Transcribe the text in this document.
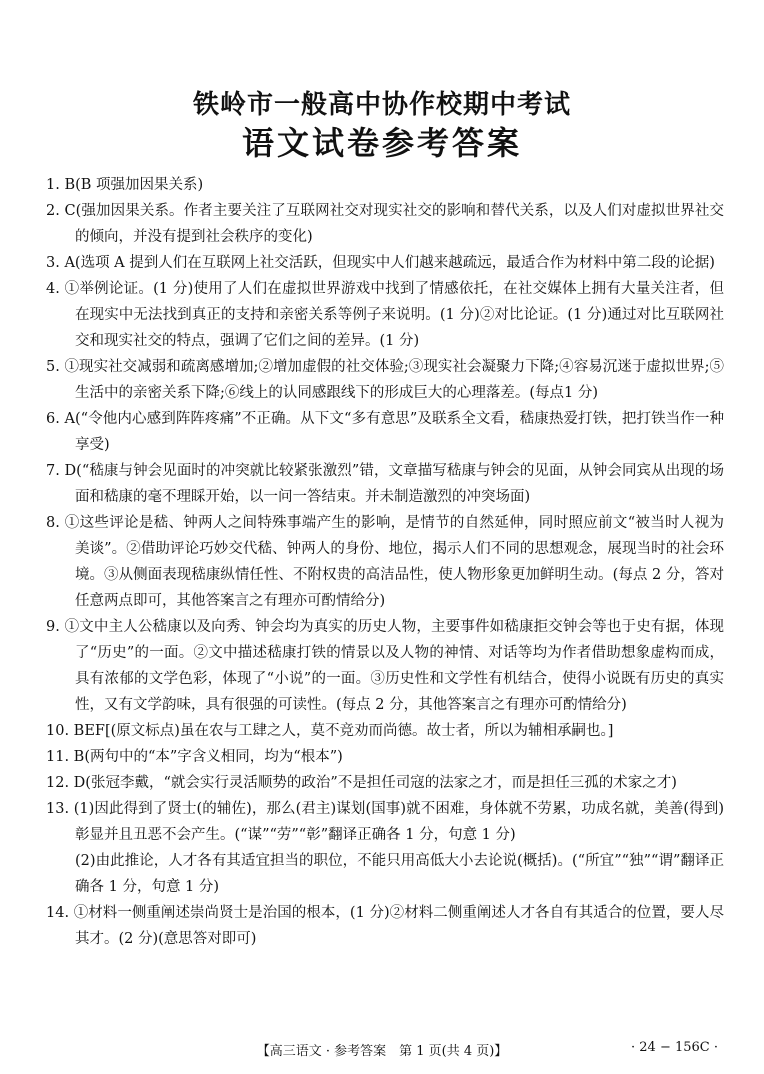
铁岭市一般高中协作校期中考试
语文试卷参考答案
1. B(B 项强加因果关系)
2. C(强加因果关系。作者主要关注了互联网社交对现实社交的影响和替代关系，以及人们对虚拟世界社交的倾向，并没有提到社会秩序的变化)
3. A(选项 A 提到人们在互联网上社交活跃，但现实中人们越来越疏远，最适合作为材料中第二段的论据)
4. ①举例论证。(1 分)使用了人们在虚拟世界游戏中找到了情感依托，在社交媒体上拥有大量关注者，但在现实中无法找到真正的支持和亲密关系等例子来说明。(1 分)②对比论证。(1 分)通过对比互联网社交和现实社交的特点，强调了它们之间的差异。(1 分)
5. ①现实社交减弱和疏离感增加;②增加虚假的社交体验;③现实社会凝聚力下降;④容易沉迷于虚拟世界;⑤生活中的亲密关系下降;⑥线上的认同感跟线下的形成巨大的心理落差。(每点1 分)
6. A(“令他内心感到阵阵疼痛”不正确。从下文“多有意思”及联系全文看，嵇康热爱打铁，把打铁当作一种享受)
7. D(“嵇康与钟会见面时的冲突就比较紧张激烈”错，文章描写嵇康与钟会的见面，从钟会同宾从出现的场面和嵇康的毫不理睬开始，以一问一答结束。并未制造激烈的冲突场面)
8. ①这些评论是嵇、钟两人之间特殊事端产生的影响，是情节的自然延伸，同时照应前文“被当时人视为美谈”。②借助评论巧妙交代嵇、钟两人的身份、地位，揭示人们不同的思想观念，展现当时的社会环境。③从侧面表现嵇康纵情任性、不附权贵的高洁品性，使人物形象更加鲜明生动。(每点 2 分，答对任意两点即可，其他答案言之有理亦可酌情给分)
9. ①文中主人公嵇康以及向秀、钟会均为真实的历史人物，主要事件如嵇康拒交钟会等也于史有据，体现了“历史”的一面。②文中描述嵇康打铁的情景以及人物的神情、对话等均为作者借助想象虚构而成，具有浓郁的文学色彩，体现了“小说”的一面。③历史性和文学性有机结合，使得小说既有历史的真实性，又有文学韵味，具有很强的可读性。(每点 2 分，其他答案言之有理亦可酌情给分)
10. BEF[(原文标点)虽在农与工肆之人，莫不竞劝而尚德。故士者，所以为辅相承嗣也。]
11. B(两句中的“本”字含义相同，均为“根本”)
12. D(张冠李戴，“就会实行灵活顺势的政治”不是担任司寇的法家之才，而是担任三孤的术家之才)
13. (1)因此得到了贤士(的辅佐)，那么(君主)谋划(国事)就不困难，身体就不劳累，功成名就，美善(得到)彰显并且丑恶不会产生。(“谋”“劳”“彰”翻译正确各 1 分，句意 1 分)
(2)由此推论，人才各有其适宜担当的职位，不能只用高低大小去论说(概括)。(“所宜”“独”“谓”翻译正确各 1 分，句意 1 分)
14. ①材料一侧重阐述崇尚贤士是治国的根本，(1 分)②材料二侧重阐述人才各自有其适合的位置，要人尽其才。(2 分)(意思答对即可)
【高三语文 · 参考答案　第 1 页(共 4 页)】	· 24 − 156C ·
